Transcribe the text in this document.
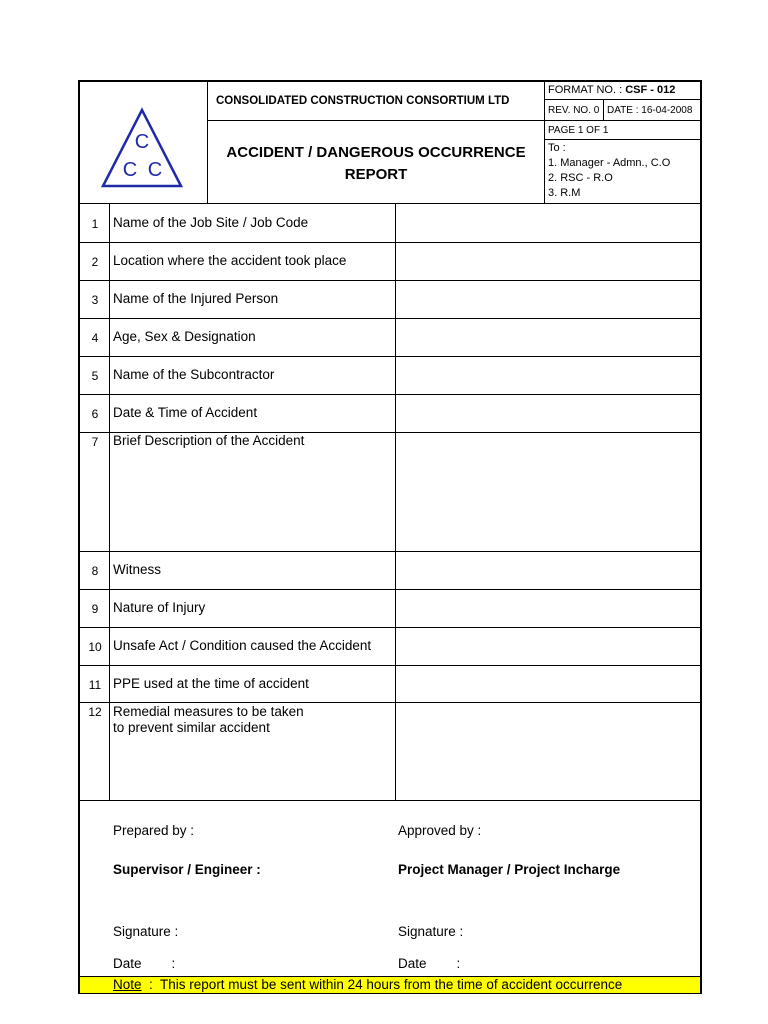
C
C C
CONSOLIDATED CONSTRUCTION CONSORTIUM LTD
ACCIDENT / DANGEROUS OCCURRENCE
REPORT
FORMAT NO. : CSF - 012
REV. NO. 0 DATE : 16-04-2008
PAGE 1 OF 1
To :
1. Manager - Admn., C.O
2. RSC - R.O
3. R.M
1	Name of the Job Site / Job Code
2	Location where the accident took place
3	Name of the Injured Person
4	Age, Sex & Designation
5	Name of the Subcontractor
6	Date & Time of Accident
7	Brief Description of the Accident
8	Witness
9	Nature of Injury
10 Unsafe Act / Condition caused the Accident
11 PPE used at the time of accident
12 Remedial measures to be taken
to prevent similar accident
Prepared by :	Approved by :
Supervisor / Engineer :	Project Manager / Project Incharge
Signature :	Signature :
Date        :	Date        :
Note  :  This report must be sent within 24 hours from the time of accident occurrence
